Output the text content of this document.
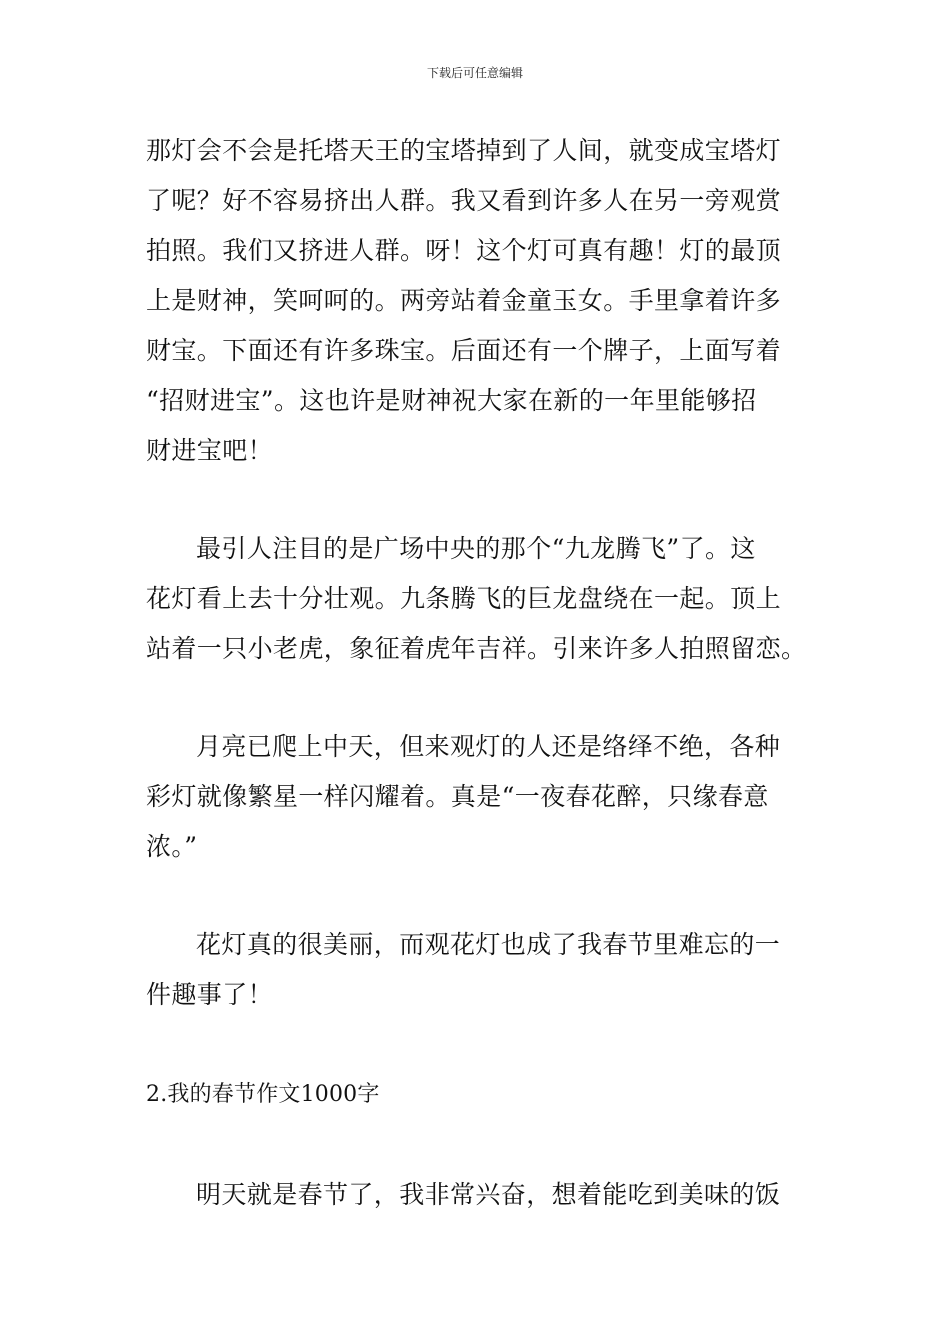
下载后可任意编辑
那灯会不会是托塔天王的宝塔掉到了人间，就变成宝塔灯
了呢？好不容易挤出人群。我又看到许多人在另一旁观赏
拍照。我们又挤进人群。呀！这个灯可真有趣！灯的最顶
上是财神，笑呵呵的。两旁站着金童玉女。手里拿着许多
财宝。下面还有许多珠宝。后面还有一个牌子，上面写着
“招财进宝”。这也许是财神祝大家在新的一年里能够招
财进宝吧！
最引人注目的是广场中央的那个“九龙腾飞”了。这
花灯看上去十分壮观。九条腾飞的巨龙盘绕在一起。顶上
站着一只小老虎，象征着虎年吉祥。引来许多人拍照留恋。
月亮已爬上中天，但来观灯的人还是络绎不绝，各种
彩灯就像繁星一样闪耀着。真是“一夜春花醉，只缘春意
浓。”
花灯真的很美丽，而观花灯也成了我春节里难忘的一
件趣事了！
2.我的春节作文1000字
明天就是春节了，我非常兴奋，想着能吃到美味的饭
